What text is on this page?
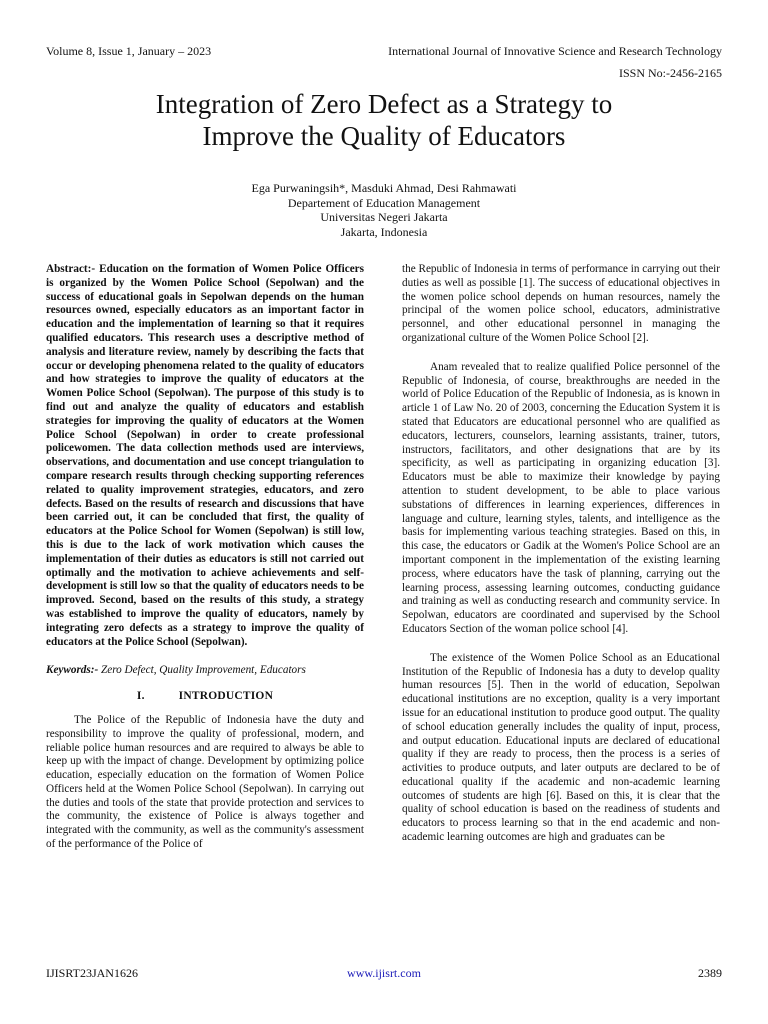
Volume 8, Issue 1, January – 2023	International Journal of Innovative Science and Research Technology
ISSN No:-2456-2165
Integration of Zero Defect as a Strategy to
Improve the Quality of Educators
Ega Purwaningsih*, Masduki Ahmad, Desi Rahmawati
Departement of Education Management
Universitas Negeri Jakarta
Jakarta, Indonesia

Abstract:- Education on the formation of Women Police Officers is organized by the Women Police School (Sepolwan) and the success of educational goals in Sepolwan depends on the human resources owned, especially educators as an important factor in education and the implementation of learning so that it requires qualified educators. This research uses a descriptive method of analysis and literature review, namely by describing the facts that occur or developing phenomena related to the quality of educators and how strategies to improve the quality of educators at the Women Police School (Sepolwan). The purpose of this study is to find out and analyze the quality of educators and establish strategies for improving the quality of educators at the Women Police School (Sepolwan) in order to create professional policewomen. The data collection methods used are interviews, observations, and documentation and use concept triangulation to compare research results through checking supporting references related to quality improvement strategies, educators, and zero defects. Based on the results of research and discussions that have been carried out, it can be concluded that first, the quality of educators at the Police School for Women (Sepolwan) is still low, this is due to the lack of work motivation which causes the implementation of their duties as educators is still not carried out optimally and the motivation to achieve achievements and self-development is still low so that the quality of educators needs to be improved. Second, based on the results of this study, a strategy was established to improve the quality of educators, namely by integrating zero defects as a strategy to improve the quality of educators at the Police School (Sepolwan).

Keywords:- Zero Defect, Quality Improvement, Educators

I.	INTRODUCTION

The Police of the Republic of Indonesia have the duty and responsibility to improve the quality of professional, modern, and reliable police human resources and are required to always be able to keep up with the impact of change. Development by optimizing police education, especially education on the formation of Women Police Officers held at the Women Police School (Sepolwan). In carrying out the duties and tools of the state that provide protection and services to the community, the existence of Police is always together and integrated with the community, as well as the community's assessment of the performance of the Police of

the Republic of Indonesia in terms of performance in carrying out their duties as well as possible [1]. The success of educational objectives in the women police school depends on human resources, namely the principal of the women police school, educators, administrative personnel, and other educational personnel in managing the organizational culture of the Women Police School [2].

Anam revealed that to realize qualified Police personnel of the Republic of Indonesia, of course, breakthroughs are needed in the world of Police Education of the Republic of Indonesia, as is known in article 1 of Law No. 20 of 2003, concerning the Education System it is stated that Educators are educational personnel who are qualified as educators, lecturers, counselors, learning assistants, trainer, tutors, instructors, facilitators, and other designations that are by its specificity, as well as participating in organizing education [3]. Educators must be able to maximize their knowledge by paying attention to student development, to be able to place various substations of differences in learning experiences, differences in language and culture, learning styles, talents, and intelligence as the basis for implementing various teaching strategies. Based on this, in this case, the educators or Gadik at the Women's Police School are an important component in the implementation of the existing learning process, where educators have the task of planning, carrying out the learning process, assessing learning outcomes, conducting guidance and training as well as conducting research and community service. In Sepolwan, educators are coordinated and supervised by the School Educators Section of the woman police school [4].

The existence of the Women Police School as an Educational Institution of the Republic of Indonesia has a duty to develop quality human resources [5]. Then in the world of education, Sepolwan educational institutions are no exception, quality is a very important issue for an educational institution to produce good output. The quality of school education generally includes the quality of input, process, and output education. Educational inputs are declared of educational quality if they are ready to process, then the process is a series of activities to produce outputs, and later outputs are declared to be of educational quality if the academic and non-academic learning outcomes of students are high [6]. Based on this, it is clear that the quality of school education is based on the readiness of students and educators to process learning so that in the end academic and non-academic learning outcomes are high and graduates can be

IJISRT23JAN1626	www.ijisrt.com	2389
